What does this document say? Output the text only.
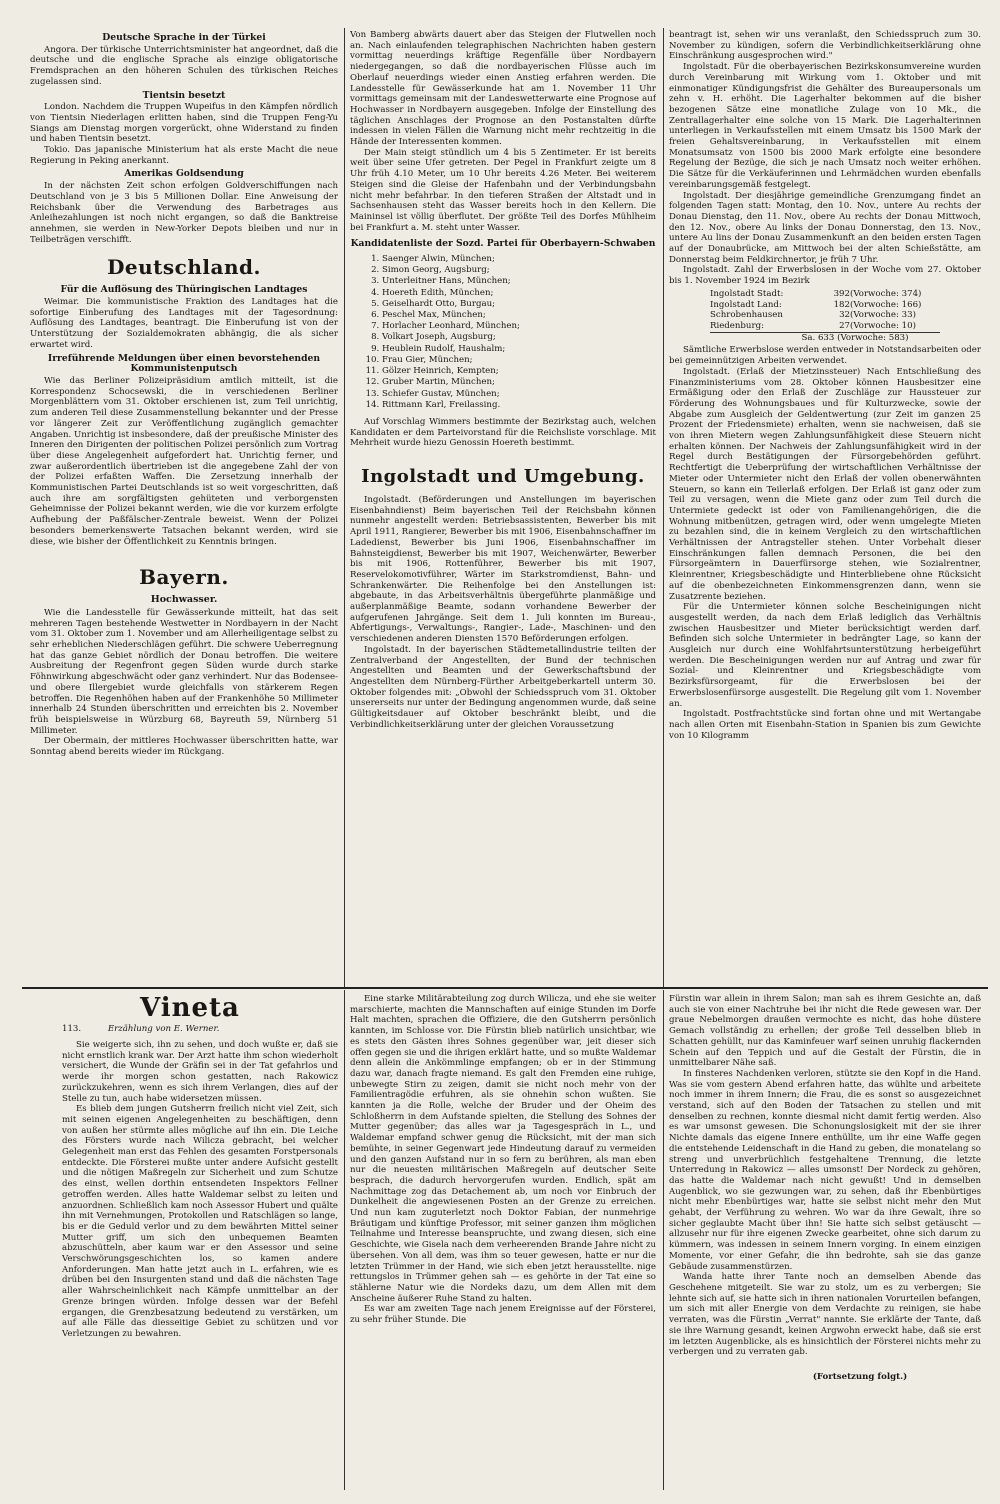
Deutsche Sprache in der Türkei

Angora. Der türkische Unterrichtsminister hat angeordnet, daß die deutsche und die englische Sprache als einzige obligatorische Fremdsprachen an den höheren Schulen des türkischen Reiches zugelassen sind.

Tientsin besetzt

London. Nachdem die Truppen Wupeifus in den Kämpfen nördlich von Tientsin Niederlagen erlitten haben, sind die Truppen Feng-Yu Siangs am Dienstag morgen vorgerückt, ohne Widerstand zu finden und haben Tientsin besetzt.

Tokio. Das japanische Ministerium hat als erste Macht die neue Regierung in Peking anerkannt.

Amerikas Goldsendung

In der nächsten Zeit schon erfolgen Goldverschiffungen nach Deutschland von je 3 bis 5 Millionen Dollar. Eine Anweisung der Reichsbank über die Verwendung des Barbetrages aus Anleihezahlungen ist noch nicht ergangen, so daß die Banktreise annehmen, sie werden in New-Yorker Depots bleiben und nur in Teilbeträgen verschifft.

Deutschland.
Für die Auflösung des Thüringischen Landtages

Weimar. Die kommunistische Fraktion des Landtages hat die sofortige Einberufung des Landtages mit der Tagesordnung: Auflösung des Landtages, beantragt. Die Einberufung ist von der Unterstützung der Sozialdemokraten abhängig, die als sicher erwartet wird.

Irreführende Meldungen über einen bevorstehenden Kommunistenputsch

Wie das Berliner Polizeipräsidium amtlich mitteilt, ist die Korrespondenz Schocsewski, die in verschiedenen Berliner Morgenblättern vom 31. Oktober erschienen ist, zum Teil unrichtig, zum anderen Teil diese Zusammenstellung bekannter und der Presse vor längerer Zeit zur Veröffentlichung zugänglich gemachter Angaben. Unrichtig ist insbesondere, daß der preußische Minister des Inneren den Dirigenten der politischen Polizei persönlich zum Vortrag über diese Angelegenheit aufgefordert hat. Unrichtig ferner, und zwar außerordentlich übertrieben ist die angegebene Zahl der von der Polizei erfaßten Waffen. Die Zersetzung innerhalb der Kommunistischen Partei Deutschlands ist so weit vorgeschritten, daß auch ihre am sorgfältigsten gehüteten und verborgensten Geheimnisse der Polizei bekannt werden, wie die vor kurzem erfolgte Aufhebung der Paßfälscher-Zentrale beweist. Wenn der Polizei besonders bemerkenswerte Tatsachen bekannt werden, wird sie diese, wie bisher der Öffentlichkeit zu Kenntnis bringen.

Bayern.
Hochwasser.

Wie die Landesstelle für Gewässerkunde mitteilt, hat das seit mehreren Tagen bestehende Westwetter in Nordbayern in der Nacht vom 31. Oktober zum 1. November und am Allerheiligentage selbst zu sehr erheblichen Niederschlägen geführt. Die schwere Ueberregnung hat das ganze Gebiet nördlich der Donau betroffen. Die weitere Ausbreitung der Regenfront gegen Süden wurde durch starke Föhnwirkung abgeschwächt oder ganz verhindert. Nur das Bodensee- und obere Illergebiet wurde gleichfalls von stärkerem Regen betroffen. Die Regenhöhen haben auf der Frankenhöhe 50 Millimeter innerhalb 24 Stunden überschritten und erreichten bis 2. November früh beispielsweise in Würzburg 68, Bayreuth 59, Nürnberg 51 Millimeter.

Der Obermain, der mittleres Hochwasser überschritten hatte, war Sonntag abend bereits wieder im Rückgang.

Von Bamberg abwärts dauert aber das Steigen der Flutwellen noch an. Nach einlaufenden telegraphischen Nachrichten haben gestern vormittag neuerdings kräftige Regenfälle über Nordbayern niedergegangen, so daß die nordbayerischen Flüsse auch im Oberlauf neuerdings wieder einen Anstieg erfahren werden. Die Landesstelle für Gewässerkunde hat am 1. November 11 Uhr vormittags gemeinsam mit der Landeswetterwarte eine Prognose auf Hochwasser in Nordbayern ausgegeben. Infolge der Einstellung des täglichen Anschlages der Prognose an den Postanstalten dürfte indessen in vielen Fällen die Warnung nicht mehr rechtzeitig in die Hände der Interessenten kommen.

Der Main steigt stündlich um 4 bis 5 Zentimeter. Er ist bereits weit über seine Ufer getreten. Der Pegel in Frankfurt zeigte um 8 Uhr früh 4.10 Meter, um 10 Uhr bereits 4.26 Meter. Bei weiterem Steigen sind die Gleise der Hafenbahn und der Verbindungsbahn nicht mehr befahrbar. In den tieferen Straßen der Altstadt und in Sachsenhausen steht das Wasser bereits hoch in den Kellern. Die Maininsel ist völlig überflutet. Der größte Teil des Dorfes Mühlheim bei Frankfurt a. M. steht unter Wasser.

Kandidatenliste der Sozd. Partei für Oberbayern-Schwaben
1. Saenger Alwin, München;
2. Simon Georg, Augsburg;
3. Unterleitner Hans, München;
4. Hoereth Edith, München;
5. Geiselhardt Otto, Burgau;
6. Peschel Max, München;
7. Horlacher Leonhard, München;
8. Volkart Joseph, Augsburg;
9. Heublein Rudolf, Haushalm;
10. Frau Gier, München;
11. Gölzer Heinrich, Kempten;
12. Gruber Martin, München;
13. Schiefer Gustav, München;
14. Rittmann Karl, Freilassing.

Auf Vorschlag Wimmers bestimmte der Bezirkstag auch, welchen Kandidaten er dem Parteivorstand für die Reichsliste vorschlage. Mit Mehrheit wurde hiezu Genossin Hoereth bestimmt.

Ingolstadt und Umgebung.

Ingolstadt. (Beförderungen und Anstellungen im bayerischen Eisenbahndienst) Beim bayerischen Teil der Reichsbahn können nunmehr angestellt werden: Betriebsassistenten, Bewerber bis mit April 1911, Rangierer, Bewerber bis mit 1906, Eisenbahnschaffner im Ladedienst, Bewerber bis Juni 1906, Eisenbahnschaffner im Bahnsteigdienst, Bewerber bis mit 1907, Weichenwärter, Bewerber bis mit 1906, Rottenführer, Bewerber bis mit 1907, Reservelokomotivführer, Wärter im Starkstromdienst, Bahn- und Schrankenwärter. Die Reihenfolge bei den Anstellungen ist: abgebaute, in das Arbeitsverhältnis übergeführte planmäßige und außerplanmäßige Beamte, sodann vorhandene Bewerber der aufgerufenen Jahrgänge. Seit dem 1. Juli konnten im Bureau-, Abfertigungs-, Verwaltungs-, Rangier-, Lade-, Maschinen- und den verschiedenen anderen Diensten 1570 Beförderungen erfolgen.

Ingolstadt. In der bayerischen Städtemetallindustrie teilten der Zentralverband der Angestellten, der Bund der technischen Angestellten und Beamten und der Gewerkschaftsbund der Angestellten dem Nürnberg-Fürther Arbeitgeberkartell unterm 30. Oktober folgendes mit: „Obwohl der Schiedsspruch vom 31. Oktober unsererseits nur unter der Bedingung angenommen wurde, daß seine Gültigkeitsdauer auf Oktober beschränkt bleibt, und die Verbindlichkeitserklärung unter der gleichen Voraussetzung

beantragt ist, sehen wir uns veranlaßt, den Schiedsspruch zum 30. November zu kündigen, sofern die Verbindlichkeitserklärung ohne Einschränkung ausgesprochen wird."

Ingolstadt. Für die oberbayerischen Bezirkskonsumvereine wurden durch Vereinbarung mit Wirkung vom 1. Oktober und mit einmonatiger Kündigungsfrist die Gehälter des Bureaupersonals um zehn v. H. erhöht. Die Lagerhalter bekommen auf die bisher bezogenen Sätze eine monatliche Zulage von 10 Mk., die Zentrallagerhalter eine solche von 15 Mark. Die Lagerhalterinnen unterliegen in Verkaufsstellen mit einem Umsatz bis 1500 Mark der freien Gehaltsvereinbarung, in Verkaufsstellen mit einem Monatsumsatz von 1500 bis 2000 Mark erfolgte eine besondere Regelung der Bezüge, die sich je nach Umsatz noch weiter erhöhen. Die Sätze für die Verkäuferinnen und Lehrmädchen wurden ebenfalls vereinbarungsgemäß festgelegt.

Ingolstadt. Der diesjährige gemeindliche Grenzumgang findet an folgenden Tagen statt: Montag, den 10. Nov., untere Au rechts der Donau Dienstag, den 11. Nov., obere Au rechts der Donau Mittwoch, den 12. Nov., obere Au links der Donau Donnerstag, den 13. Nov., untere Au lins der Donau Zusammenkunft an den beiden ersten Tagen auf der Donaubrücke, am Mittwoch bei der alten Schießstätte, am Donnerstag beim Feldkirchnertor, je früh 7 Uhr.

Ingolstadt. Zahl der Erwerbslosen in der Woche vom 27. Oktober bis 1. November 1924 im Bezirk

Ingolstadt Stadt:	392 (Vorwoche: 374)
Ingolstadt Land:	182 (Vorwoche: 166)
Schrobenhausen	32 (Vorwoche: 33)
Riedenburg:	27 (Vorwoche: 10)
Sa. 633 (Vorwoche: 583)

Sämtliche Erwerbslose werden entweder in Notstandsarbeiten oder bei gemeinnützigen Arbeiten verwendet.

Ingolstadt. (Erlaß der Mietzinssteuer) Nach Entschließung des Finanzministeriums vom 28. Oktober können Hausbesitzer eine Ermäßigung oder den Erlaß der Zuschläge zur Haussteuer zur Förderung des Wohnungsbaues und für Kulturzwecke, sowie der Abgabe zum Ausgleich der Geldentwertung (zur Zeit im ganzen 25 Prozent der Friedensmiete) erhalten, wenn sie nachweisen, daß sie von ihren Mietern wegen Zahlungsunfähigkeit diese Steuern nicht erhalten können. Der Nachweis der Zahlungsunfähigkeit wird in der Regel durch Bestätigungen der Fürsorgebehörden geführt. Rechtfertigt die Ueberprüfung der wirtschaftlichen Verhältnisse der Mieter oder Untermieter nicht den Erlaß der vollen obenerwähnten Steuern, so kann ein Teilerlaß erfolgen. Der Erlaß ist ganz oder zum Teil zu versagen, wenn die Miete ganz oder zum Teil durch die Untermiete gedeckt ist oder von Familienangehörigen, die die Wohnung mitbenützen, getragen wird, oder wenn umgelegte Mieten zu bezahlen sind, die in keinem Vergleich zu den wirtschaftlichen Verhältnissen der Antragsteller stehen. Unter Vorbehalt dieser Einschränkungen fallen demnach Personen, die bei den Fürsorgeämtern in Dauerfürsorge stehen, wie Sozialrentner, Kleinrentner, Kriegsbeschädigte und Hinterbliebene ohne Rücksicht auf die obenbezeichneten Einkommensgrenzen dann, wenn sie Zusatzrente beziehen.

Für die Untermieter können solche Bescheinigungen nicht ausgestellt werden, da nach dem Erlaß lediglich das Verhältnis zwischen Hausbesitzer und Mieter berücksichtigt werden darf. Befinden sich solche Untermieter in bedrängter Lage, so kann der Ausgleich nur durch eine Wohlfahrtsunterstützung herbeigeführt werden. Die Bescheinigungen werden nur auf Antrag und zwar für Sozial- und Kleinrentner und Kriegsbeschädigte vom Bezirksfürsorgeamt, für die Erwerbslosen bei der Erwerbslosenfürsorge ausgestellt. Die Regelung gilt vom 1. November an.

Ingolstadt. Postfrachtstücke sind fortan ohne und mit Wertangabe nach allen Orten mit Eisenbahn-Station in Spanien bis zum Gewichte von 10 Kilogramm

Vineta
113.	Erzählung von E. Werner.

Sie weigerte sich, ihn zu sehen, und doch wußte er, daß sie nicht ernstlich krank war. Der Arzt hatte ihm schon wiederholt versichert, die Wunde der Gräfin sei in der Tat gefahrlos und werde ihr morgen schon gestatten, nach Rakowicz zurückzukehren, wenn es sich ihrem Verlangen, dies auf der Stelle zu tun, auch habe widersetzen müssen.

Es blieb dem jungen Gutsherrn freilich nicht viel Zeit, sich mit seinen eigenen Angelegenheiten zu beschäftigen, denn von außen her stürmte alles mögliche auf ihn ein. Die Leiche des Försters wurde nach Wilicza gebracht, bei welcher Gelegenheit man erst das Fehlen des gesamten Forstpersonals entdeckte. Die Försterei mußte unter andere Aufsicht gestellt und die nötigen Maßregeln zur Sicherheit und zum Schutze des einst, wellen dorthin entsendeten Inspektors Fellner getroffen werden. Alles hatte Waldemar selbst zu leiten und anzuordnen. Schließlich kam noch Assessor Hubert und quälte ihn mit Vernehmungen, Protokollen und Ratschlägen so lange, bis er die Geduld verlor und zu dem bewährten Mittel seiner Mutter griff, um sich den unbequemen Beamten abzuschütteln, aber kaum war er den Assessor und seine Verschwörungsgeschichten los, so kamen andere Anforderungen. Man hatte jetzt auch in L. erfahren, wie es drüben bei den Insurgenten stand und daß die nächsten Tage aller Wahrscheinlichkeit nach Kämpfe unmittelbar an der Grenze bringen würden. Infolge dessen war der Befehl ergangen, die Grenzbesatzung bedeutend zu verstärken, um auf alle Fälle das diesseitige Gebiet zu schützen und vor Verletzungen zu bewahren.

Eine starke Militärabteilung zog durch Wilicza, und ehe sie weiter marschierte, machten die Mannschaften auf einige Stunden im Dorfe Halt machten, sprachen die Offiziere, die den Gutsherrn persönlich kannten, im Schlosse vor. Die Fürstin blieb natürlich unsichtbar, wie es stets den Gästen ihres Sohnes gegenüber war, jeit dieser sich offen gegen sie und die ihrigen erklärt hatte, und so mußte Waldemar denn allein die Ankömmlinge empfangen; ob er in der Stimmung dazu war, danach fragte niemand. Es galt den Fremden eine ruhige, unbewegte Stirn zu zeigen, damit sie nicht noch mehr von der Familientragödie erfuhren, als sie ohnehin schon wußten. Sie kannten ja die Rolle, welche der Bruder und der Oheim des Schloßherrn in dem Aufstande spielten, die Stellung des Sohnes der Mutter gegenüber; das alles war ja Tagesgespräch in L., und Waldemar empfand schwer genug die Rücksicht, mit der man sich bemühte, in seiner Gegenwart jede Hindeutung darauf zu vermeiden und den ganzen Aufstand nur in so fern zu berühren, als man eben nur die neuesten militärischen Maßregeln auf deutscher Seite besprach, die dadurch hervorgerufen wurden. Endlich, spät am Nachmittage zog das Detachement ab, um noch vor Einbruch der Dunkelheit die angewiesenen Posten an der Grenze zu erreichen. Und nun kam zuguterletzt noch Doktor Fabian, der nunmehrige Bräutigam und künftige Professor, mit seiner ganzen ihm möglichen Teilnahme und Interesse beanspruchte, und zwang diesen, sich eine Geschichte, wie Gisela nach dem verheerenden Brande Jahre nicht zu übersehen. Von all dem, was ihm so teuer gewesen, hatte er nur die letzten Trümmer in der Hand, wie sich eben jetzt herausstellte. nige rettungslos in Trümmer gehen sah — es gehörte in der Tat eine so stählerne Natur wie die Nordeks dazu, um dem Allen mit dem Anscheine äußerer Ruhe Stand zu halten.

Es war am zweiten Tage nach jenem Ereignisse auf der Försterei, zu sehr früher Stunde. Die

Fürstin war allein in ihrem Salon; man sah es ihrem Gesichte an, daß auch sie von einer Nachtruhe bei ihr nicht die Rede gewesen war. Der graue Nebelmorgen draußen vermochte es nicht, das hohe düstere Gemach vollständig zu erhellen; der große Teil desselben blieb in Schatten gehüllt, nur das Kaminfeuer warf seinen unruhig flackernden Schein auf den Teppich und auf die Gestalt der Fürstin, die in unmittelbarer Nähe saß.

In finsteres Nachdenken verloren, stützte sie den Kopf in die Hand. Was sie vom gestern Abend erfahren hatte, das wühlte und arbeitete noch immer in ihrem Innern; die Frau, die es sonst so ausgezeichnet verstand, sich auf den Boden der Tatsachen zu stellen und mit denselben zu rechnen, konnte diesmal nicht damit fertig werden. Also es war umsonst gewesen. Die Schonungslosigkeit mit der sie ihrer Nichte damals das eigene Innere enthüllte, um ihr eine Waffe gegen die entstehende Leidenschaft in die Hand zu geben, die monatelang so streng und unverbrüchlich festgehaltene Trennung, die letzte Unterredung in Rakowicz — alles umsonst! Der Nordeck zu gehören, das hatte die Waldemar nach nicht gewußt! Und in demselben Augenblick, wo sie gezwungen war, zu sehen, daß ihr Ebenbürtiges nicht mehr Ebenbürtiges war, hatte sie selbst nicht mehr den Mut gehabt, der Verführung zu wehren. Wo war da ihre Gewalt, ihre so sicher geglaubte Macht über ihn! Sie hatte sich selbst getäuscht — allzusehr nur für ihre eigenen Zwecke gearbeitet, ohne sich darum zu kümmern, was indessen in seinem Innern vorging. In einem einzigen Momente, vor einer Gefahr, die ihn bedrohte, sah sie das ganze Gebäude zusammenstürzen.

Wanda hatte ihrer Tante noch an demselben Abende das Geschehene mitgeteilt. Sie war zu stolz, um es zu verbergen; Sie lehnte sich auf, sie hatte sich in ihren nationalen Vorurteilen befangen, um sich mit aller Energie von dem Verdachte zu reinigen, sie habe verraten, was die Fürstin „Verrat" nannte. Sie erklärte der Tante, daß sie ihre Warnung gesandt, keinen Argwohn erweckt habe, daß sie erst im letzten Augenblicke, als es hinsichtlich der Försterei nichts mehr zu verbergen und zu verraten gab.

(Fortsetzung folgt.)
